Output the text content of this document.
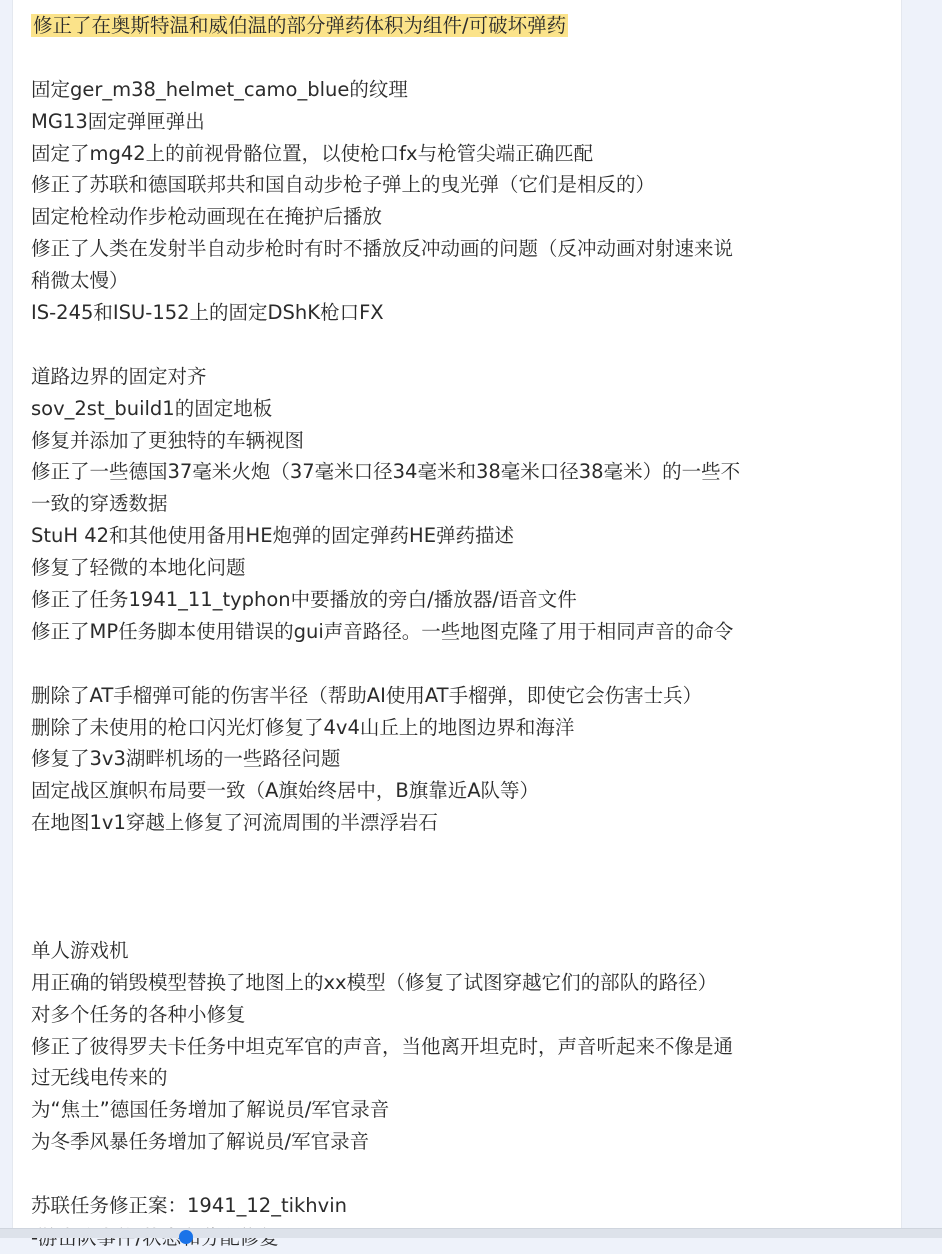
修正了在奥斯特温和威伯温的部分弹药体积为组件/可破坏弹药
固定ger_m38_helmet_camo_blue的纹理
MG13固定弹匣弹出
固定了mg42上的前视骨骼位置，以使枪口fx与枪管尖端正确匹配
修正了苏联和德国联邦共和国自动步枪子弹上的曳光弹（它们是相反的）
固定枪栓动作步枪动画现在在掩护后播放
修正了人类在发射半自动步枪时有时不播放反冲动画的问题（反冲动画对射速来说
稍微太慢）
IS-245和ISU-152上的固定DShK枪口FX
道路边界的固定对齐
sov_2st_build1的固定地板
修复并添加了更独特的车辆视图
修正了一些德国37毫米火炮（37毫米口径34毫米和38毫米口径38毫米）的一些不
一致的穿透数据
StuH 42和其他使用备用HE炮弹的固定弹药HE弹药描述
修复了轻微的本地化问题
修正了任务1941_11_typhon中要播放的旁白/播放器/语音文件
修正了MP任务脚本使用错误的gui声音路径。一些地图克隆了用于相同声音的命令
删除了AT手榴弹可能的伤害半径（帮助AI使用AT手榴弹，即使它会伤害士兵）
删除了未使用的枪口闪光灯修复了4v4山丘上的地图边界和海洋
修复了3v3湖畔机场的一些路径问题
固定战区旗帜布局要一致（A旗始终居中，B旗靠近A队等）
在地图1v1穿越上修复了河流周围的半漂浮岩石
单人游戏机
用正确的销毁模型替换了地图上的xx模型（修复了试图穿越它们的部队的路径）
对多个任务的各种小修复
修正了彼得罗夫卡任务中坦克军官的声音，当他离开坦克时，声音听起来不像是通
过无线电传来的
为“焦土”德国任务增加了解说员/军官录音
为冬季风暴任务增加了解说员/军官录音
苏联任务修正案：1941_12_tikhvin
